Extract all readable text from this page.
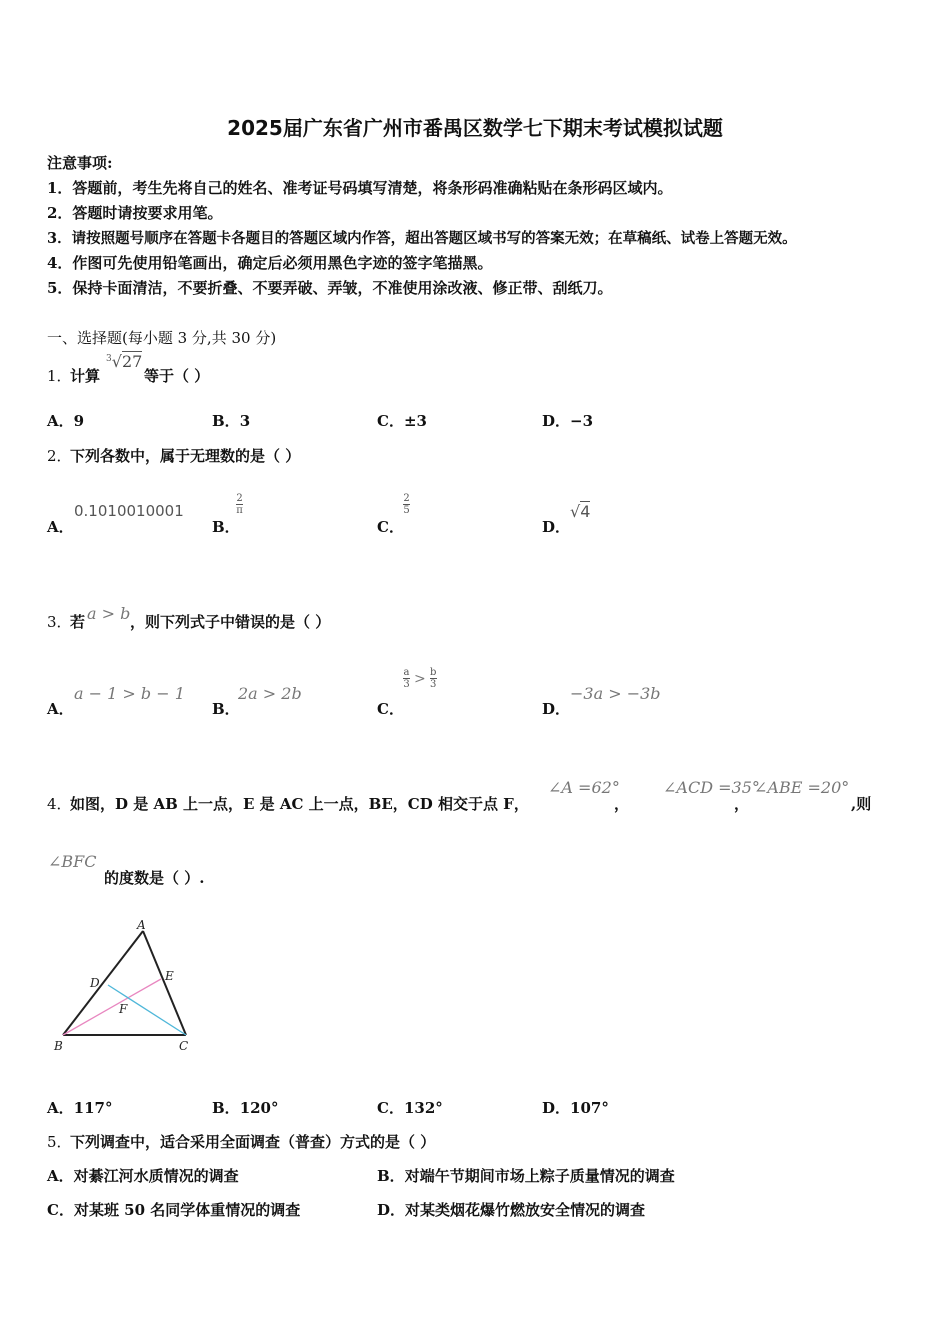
2025届广东省广州市番禺区数学七下期末考试模拟试题
注意事项:
1．答题前，考生先将自己的姓名、准考证号码填写清楚，将条形码准确粘贴在条形码区域内。
2．答题时请按要求用笔。
3．请按照题号顺序在答题卡各题目的答题区域内作答，超出答题区域书写的答案无效；在草稿纸、试卷上答题无效。
4．作图可先使用铅笔画出，确定后必须用黑色字迹的签字笔描黑。
5．保持卡面清洁，不要折叠、不要弄破、弄皱，不准使用涂改液、修正带、刮纸刀。
一、选择题(每小题 3 分,共 30 分)
1．
计算
$^3$√27
等于（ ）
A．9	B．3	C．±3	D．−3
2．
下列各数中，属于无理数的是（ ）
A．
0.1010010001
B．
$\frac{2}{\pi}$
C．
$\frac{2}{5}$
D．
√4
3．
若 a > b ，则下列式子中错误的是（ ）
A．
a − 1 > b − 1
B．
2a > 2b
C．
$\frac{a}{3} > \frac{b}{3}$
D．
−3a > −3b
4．
如图，D 是 AB 上一点，E 是 AC 上一点，BE，CD 相交于点 F，
∠A =62°
，
∠ACD =35°
，
∠ABE =20°
,则
∠BFC
的度数是（ ）.
A
D	E
F
B	C
A．117°	B．120°	C．132°	D．107°
5．
下列调查中，适合采用全面调查（普查）方式的是（ ）
A．对綦江河水质情况的调查	B．对端午节期间市场上粽子质量情况的调查
C．对某班 50 名同学体重情况的调查	D．对某类烟花爆竹燃放安全情况的调查
